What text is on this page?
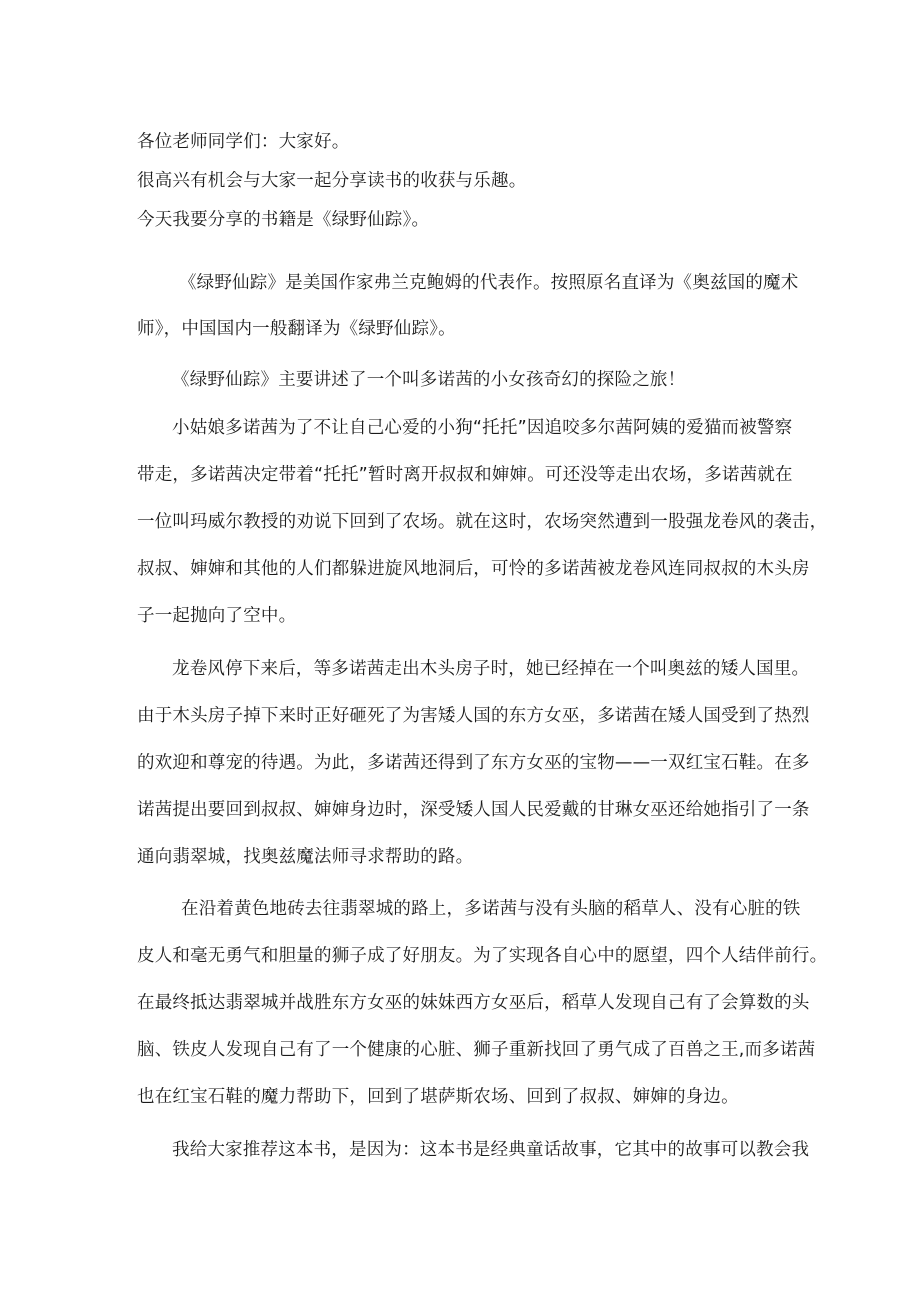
各位老师同学们：大家好。
很高兴有机会与大家一起分享读书的收获与乐趣。
今天我要分享的书籍是《绿野仙踪》。
　《绿野仙踪》是美国作家弗兰克鲍姆的代表作。按照原名直译为《奥兹国的魔术
师》，中国国内一般翻译为《绿野仙踪》。
《绿野仙踪》主要讲述了一个叫多诺茜的小女孩奇幻的探险之旅！
小姑娘多诺茜为了不让自己心爱的小狗“托托”因追咬多尔茜阿姨的爱猫而被警察
带走，多诺茜决定带着“托托”暂时离开叔叔和婶婶。可还没等走出农场，多诺茜就在
一位叫玛威尔教授的劝说下回到了农场。就在这时，农场突然遭到一股强龙卷风的袭击，
叔叔、婶婶和其他的人们都躲进旋风地洞后，可怜的多诺茜被龙卷风连同叔叔的木头房
子一起抛向了空中。
龙卷风停下来后，等多诺茜走出木头房子时，她已经掉在一个叫奥兹的矮人国里。
由于木头房子掉下来时正好砸死了为害矮人国的东方女巫，多诺茜在矮人国受到了热烈
的欢迎和尊宠的待遇。为此，多诺茜还得到了东方女巫的宝物——一双红宝石鞋。在多
诺茜提出要回到叔叔、婶婶身边时，深受矮人国人民爱戴的甘琳女巫还给她指引了一条
通向翡翠城，找奥兹魔法师寻求帮助的路。
在沿着黄色地砖去往翡翠城的路上，多诺茜与没有头脑的稻草人、没有心脏的铁
皮人和毫无勇气和胆量的狮子成了好朋友。为了实现各自心中的愿望，四个人结伴前行。
在最终抵达翡翠城并战胜东方女巫的妹妹西方女巫后，稻草人发现自己有了会算数的头
脑、铁皮人发现自己有了一个健康的心脏、狮子重新找回了勇气成了百兽之王,而多诺茜
也在红宝石鞋的魔力帮助下，回到了堪萨斯农场、回到了叔叔、婶婶的身边。
我给大家推荐这本书，是因为：这本书是经典童话故事，它其中的故事可以教会我
